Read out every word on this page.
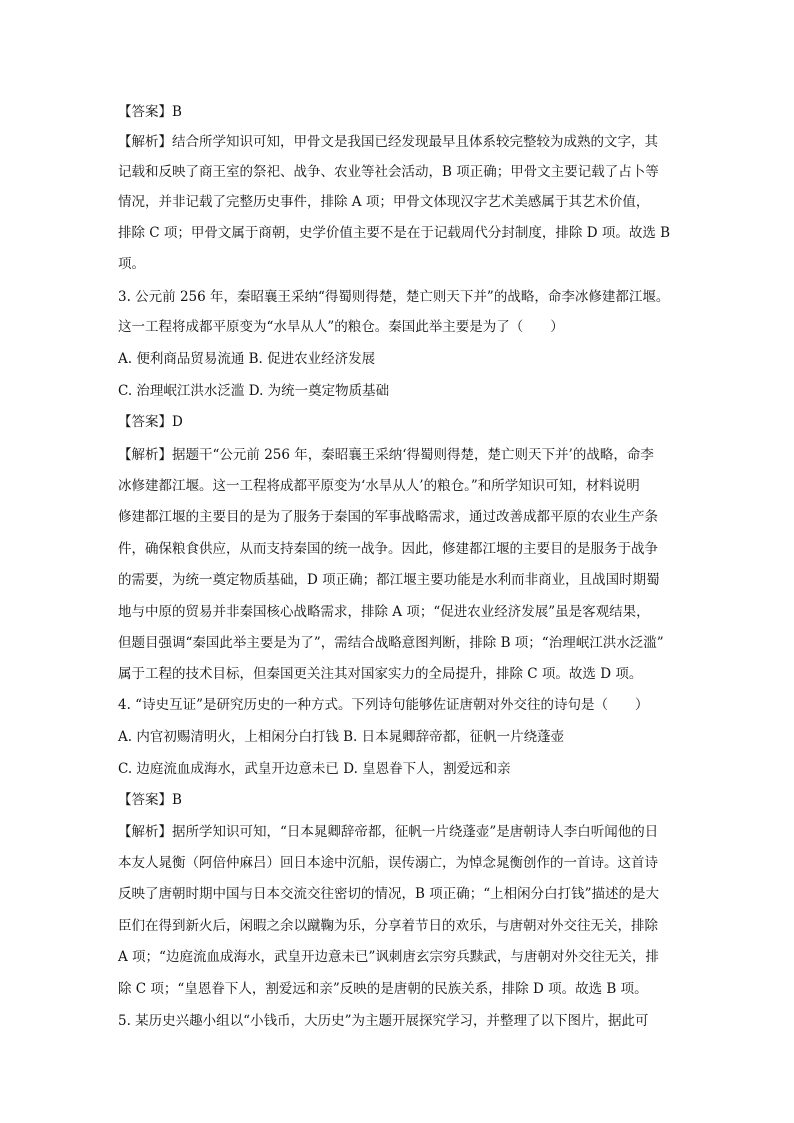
【答案】B
【解析】结合所学知识可知，甲骨文是我国已经发现最早且体系较完整较为成熟的文字，其
记载和反映了商王室的祭祀、战争、农业等社会活动，B 项正确；甲骨文主要记载了占卜等
情况，并非记载了完整历史事件，排除 A 项；甲骨文体现汉字艺术美感属于其艺术价值，
排除 C 项；甲骨文属于商朝，史学价值主要不是在于记载周代分封制度，排除 D 项。故选 B
项。
3. 公元前 256 年，秦昭襄王采纳“得蜀则得楚，楚亡则天下并”的战略，命李冰修建都江堰。
这一工程将成都平原变为“水旱从人”的粮仓。秦国此举主要是为了（　　）
A. 便利商品贸易流通 B. 促进农业经济发展
C. 治理岷江洪水泛滥 D. 为统一奠定物质基础
【答案】D
【解析】据题干“公元前 256 年，秦昭襄王采纳‘得蜀则得楚，楚亡则天下并’的战略，命李
冰修建都江堰。这一工程将成都平原变为‘水旱从人’的粮仓。”和所学知识可知，材料说明
修建都江堰的主要目的是为了服务于秦国的军事战略需求，通过改善成都平原的农业生产条
件，确保粮食供应，从而支持秦国的统一战争。因此，修建都江堰的主要目的是服务于战争
的需要，为统一奠定物质基础，D 项正确；都江堰主要功能是水利而非商业，且战国时期蜀
地与中原的贸易并非秦国核心战略需求，排除 A 项；“促进农业经济发展”虽是客观结果，
但题目强调“秦国此举主要是为了”，需结合战略意图判断，排除 B 项；“治理岷江洪水泛滥”
属于工程的技术目标，但秦国更关注其对国家实力的全局提升，排除 C 项。故选 D 项。
4. “诗史互证”是研究历史的一种方式。下列诗句能够佐证唐朝对外交往的诗句是（　　）
A. 内官初赐清明火，上相闲分白打钱 B. 日本晁卿辞帝都，征帆一片绕蓬壶
C. 边庭流血成海水，武皇开边意未已 D. 皇恩眷下人，割爱远和亲
【答案】B
【解析】据所学知识可知，“日本晁卿辞帝都，征帆一片绕蓬壶”是唐朝诗人李白听闻他的日
本友人晁衡（阿倍仲麻吕）回日本途中沉船，误传溺亡，为悼念晁衡创作的一首诗。这首诗
反映了唐朝时期中国与日本交流交往密切的情况，B 项正确；“上相闲分白打钱”描述的是大
臣们在得到新火后，闲暇之余以蹴鞠为乐，分享着节日的欢乐，与唐朝对外交往无关，排除
A 项；“边庭流血成海水，武皇开边意未已”讽刺唐玄宗穷兵黩武，与唐朝对外交往无关，排
除 C 项；“皇恩眷下人，割爱远和亲”反映的是唐朝的民族关系，排除 D 项。故选 B 项。
5. 某历史兴趣小组以“小钱币，大历史”为主题开展探究学习，并整理了以下图片，据此可
